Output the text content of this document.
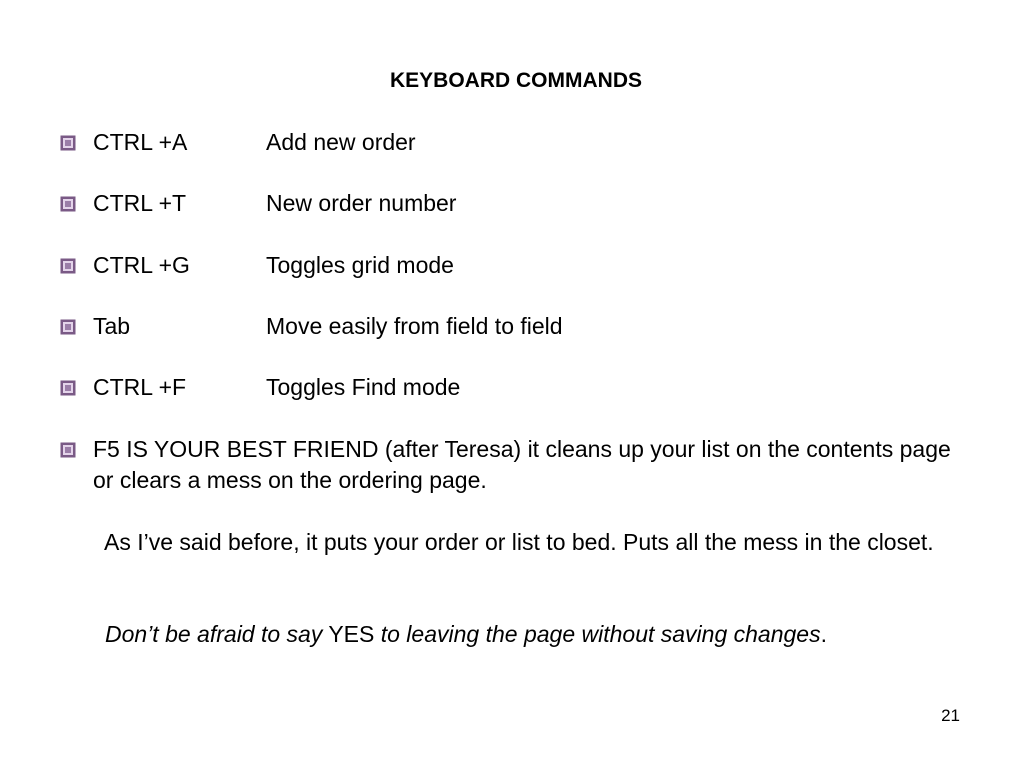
KEYBOARD COMMANDS
CTRL +A	Add new order
CTRL +T	New order number
CTRL +G	Toggles grid mode
Tab	Move easily from field to field
CTRL +F	Toggles Find mode
F5 IS YOUR BEST FRIEND (after Teresa) it cleans up your list on the contents page or clears a mess on the ordering page.

As I’ve said before, it puts your order or list to bed. Puts all the mess in the closet.

Don’t be afraid to say YES to leaving the page without saving changes.

21
